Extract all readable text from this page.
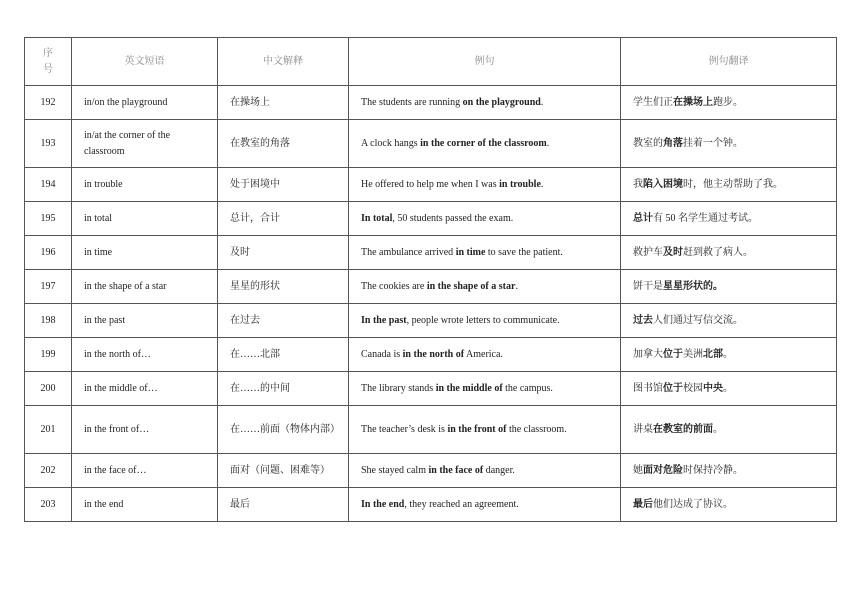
序号	英文短语	中文解释	例句	例句翻译
192	in/on the playground	在操场上	The students are running on the playground.	学生们正在操场上跑步。
193	in/at the corner of the classroom	在教室的角落	A clock hangs in the corner of the classroom.	教室的角落挂着一个钟。
194	in trouble	处于困境中	He offered to help me when I was in trouble.	我陷入困境时，他主动帮助了我。
195	in total	总计，合计	In total, 50 students passed the exam.	总计有 50 名学生通过考试。
196	in time	及时	The ambulance arrived in time to save the patient.	救护车及时赶到救了病人。
197	in the shape of a star	星星的形状	The cookies are in the shape of a star.	饼干是星星形状的。
198	in the past	在过去	In the past, people wrote letters to communicate.	过去人们通过写信交流。
199	in the north of…	在……北部	Canada is in the north of America.	加拿大位于美洲北部。
200	in the middle of…	在……的中间	The library stands in the middle of the campus.	图书馆位于校园中央。
201	in the front of…	在……前面（物体内部）	The teacher’s desk is in the front of the classroom.	讲桌在教室的前面。
202	in the face of…	面对（问题、困难等）	She stayed calm in the face of danger.	她面对危险时保持冷静。
203	in the end	最后	In the end, they reached an agreement.	最后他们达成了协议。
